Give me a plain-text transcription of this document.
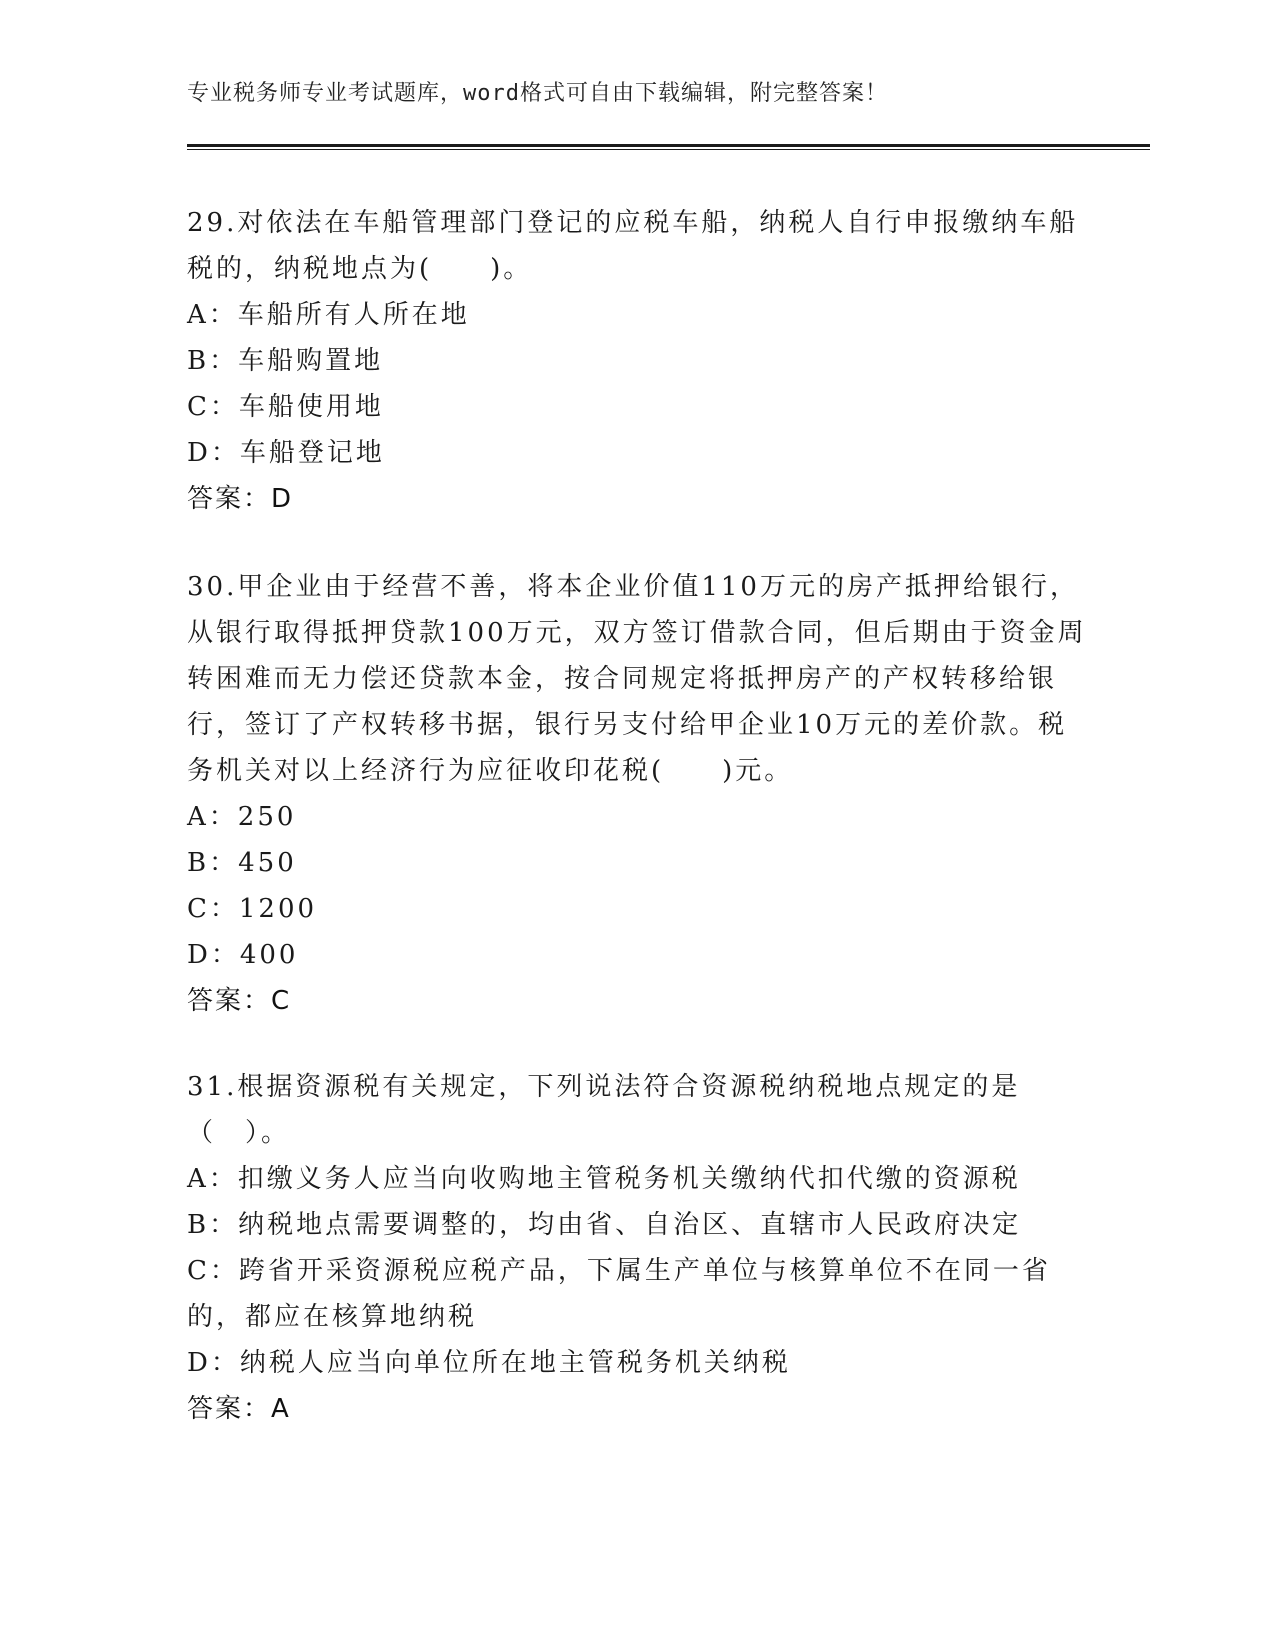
专业税务师专业考试题库，word格式可自由下载编辑，附完整答案！

29.对依法在车船管理部门登记的应税车船，纳税人自行申报缴纳车船税的，纳税地点为(　　)。

A：车船所有人所在地

B：车船购置地

C：车船使用地

D：车船登记地

答案：D

30.甲企业由于经营不善，将本企业价值110万元的房产抵押给银行，从银行取得抵押贷款100万元，双方签订借款合同，但后期由于资金周转困难而无力偿还贷款本金，按合同规定将抵押房产的产权转移给银行，签订了产权转移书据，银行另支付给甲企业10万元的差价款。税务机关对以上经济行为应征收印花税(　　)元。

A：250

B：450

C：1200

D：400

答案：C

31.根据资源税有关规定，下列说法符合资源税纳税地点规定的是（　）。

A：扣缴义务人应当向收购地主管税务机关缴纳代扣代缴的资源税

B：纳税地点需要调整的，均由省、自治区、直辖市人民政府决定

C：跨省开采资源税应税产品，下属生产单位与核算单位不在同一省的，都应在核算地纳税

D：纳税人应当向单位所在地主管税务机关纳税

答案：A
